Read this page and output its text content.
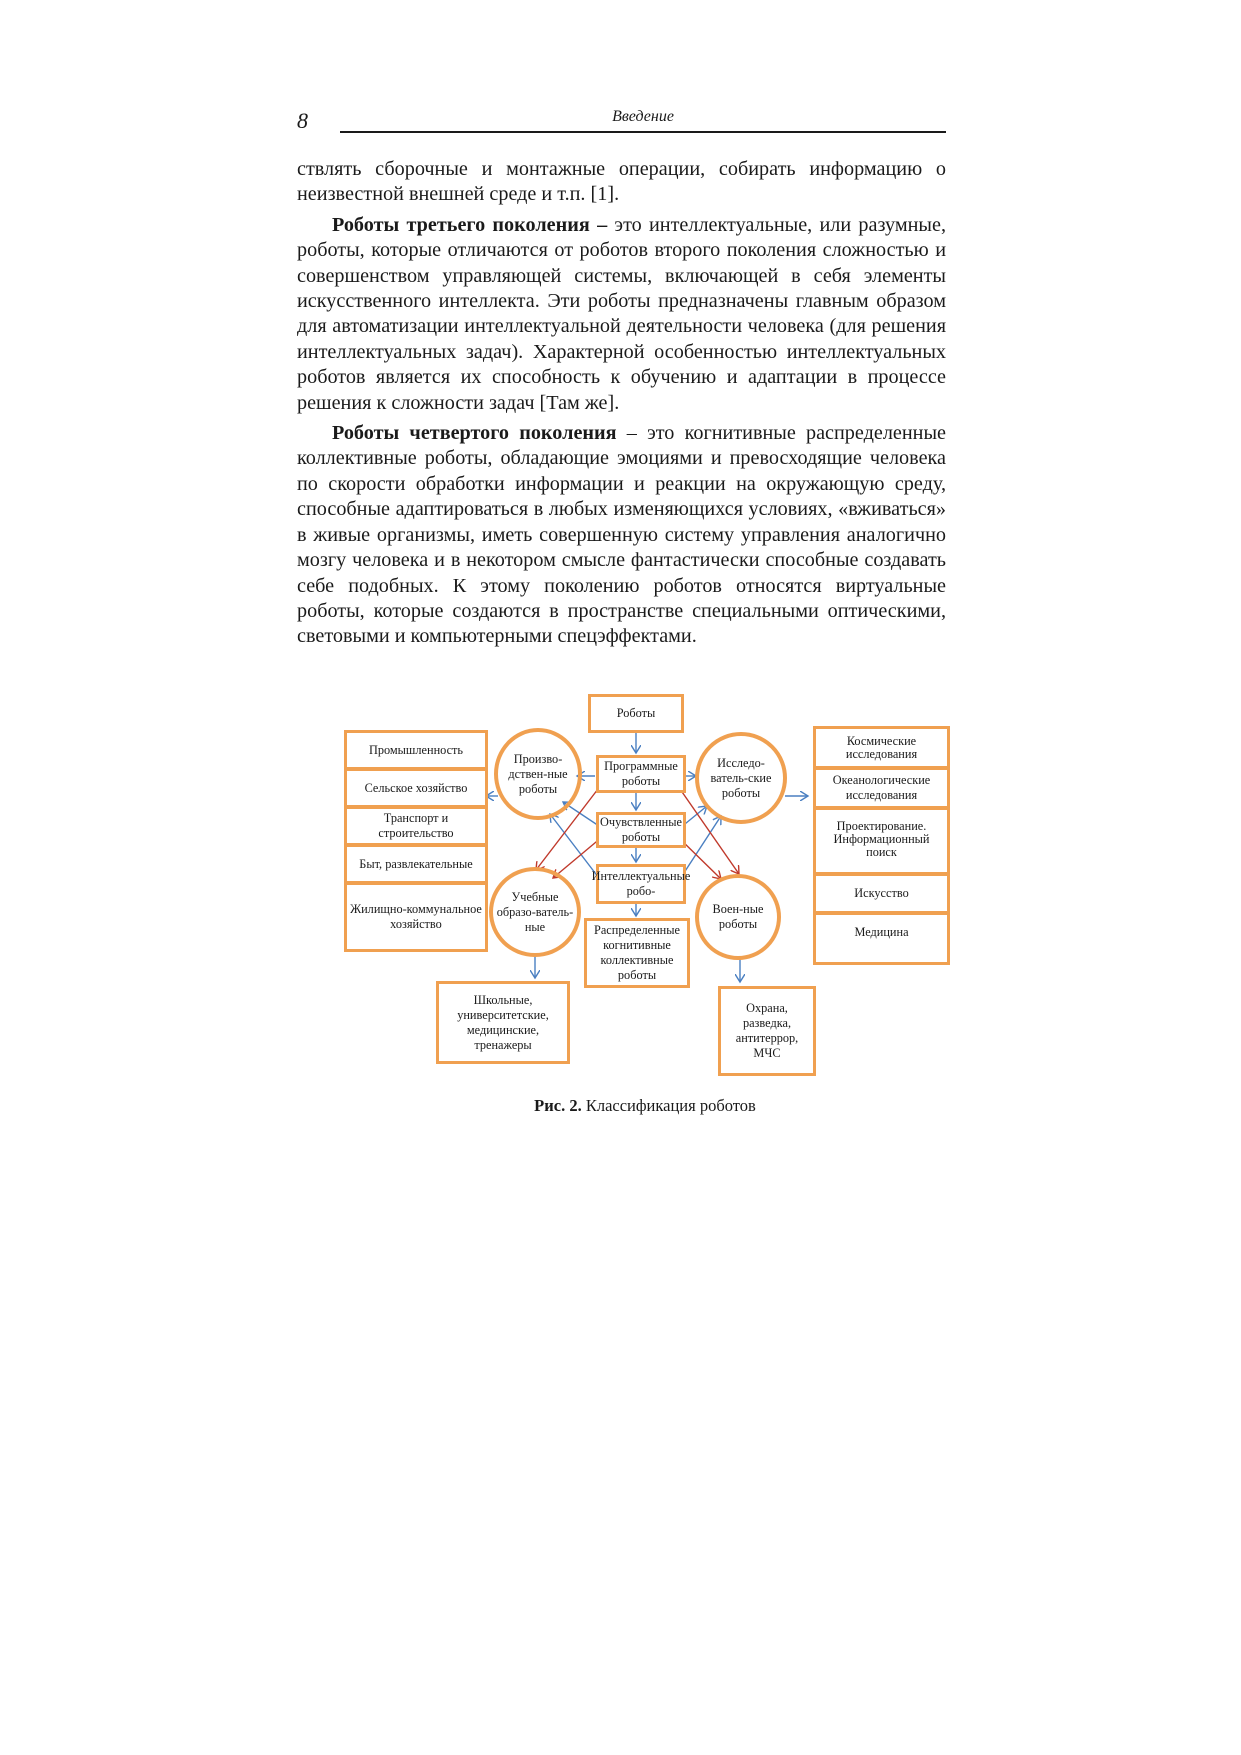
8	Введение

ствлять сборочные и монтажные операции, собирать информацию о неизвестной внешней среде и т.п. [1].

Роботы третьего поколения – это интеллектуальные, или разумные, роботы, которые отличаются от роботов второго поколения сложностью и совершенством управляющей системы, включающей в себя элементы искусственного интеллекта. Эти роботы предназначены главным образом для автоматизации интеллектуальной деятельности человека (для решения интеллектуальных задач). Характерной особенностью интеллектуальных роботов является их способность к обучению и адаптации в процессе решения к сложности задач [Там же].

Роботы четвертого поколения – это когнитивные распределенные коллективные роботы, обладающие эмоциями и превосходящие человека по скорости обработки информации и реакции на окружающую среду, способные адаптироваться в любых изменяющихся условиях, «вживаться» в живые организмы, иметь совершенную систему управления аналогично мозгу человека и в некотором смысле фантастически способные создавать себе подобных. К этому поколению роботов относятся виртуальные роботы, которые создаются в пространстве специальными оптическими, световыми и компьютерными спецэффектами.

Роботы
Программные роботы
Очувствленные роботы
Интеллектуальные робо-
Распределенные когнитивные коллективные роботы
Произво-дствен-ные роботы
Исследо-ватель-ские роботы
Учебные образо-ватель-ные
Воен-ные роботы
Промышленность
Сельское хозяйство
Транспорт и строительство
Быт, развлекательные
Жилищно-коммунальное хозяйство
Космические исследования
Океанологические исследования
Проектирование. Информационный поиск
Искусство
Медицина
Школьные, университетские, медицинские, тренажеры
Охрана, разведка, антитеррор, МЧС
Рис. 2. Классификация роботов
